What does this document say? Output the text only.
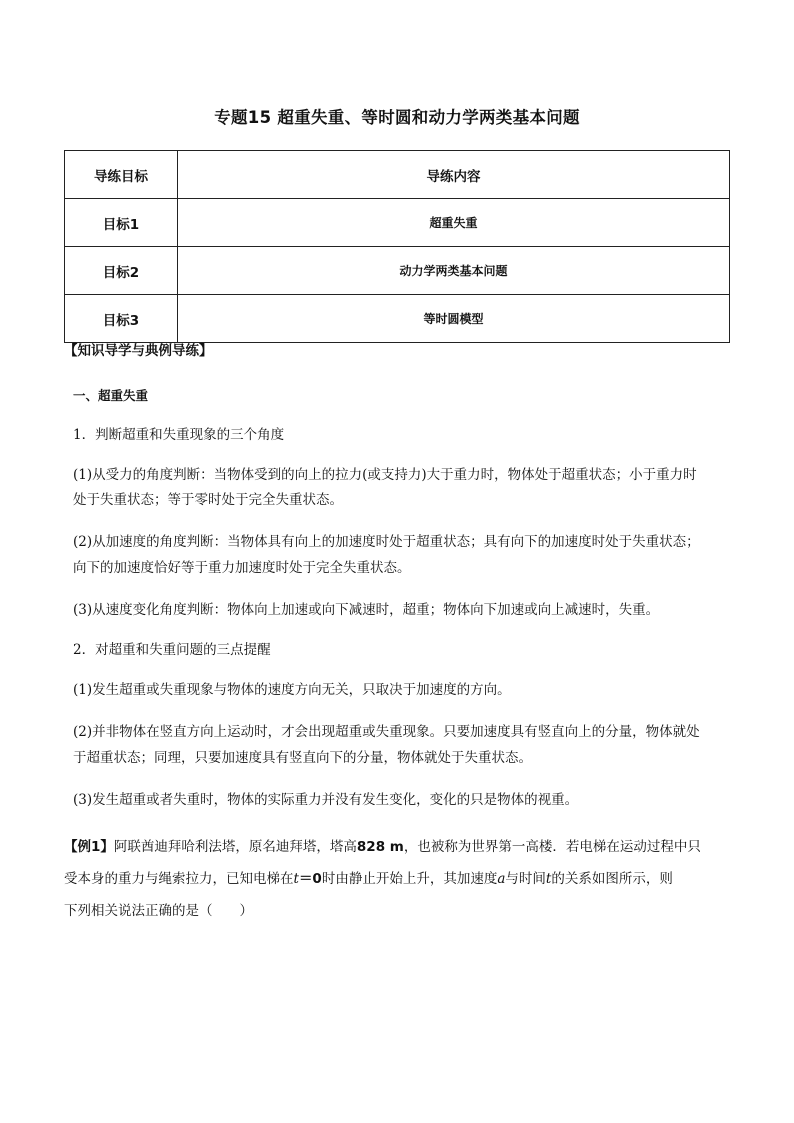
专题15 超重失重、等时圆和动力学两类基本问题
导练目标	导练内容
目标1	超重失重
目标2	动力学两类基本问题
目标3	等时圆模型
【知识导学与典例导练】
一、超重失重
1．判断超重和失重现象的三个角度
(1)从受力的角度判断：当物体受到的向上的拉力(或支持力)大于重力时，物体处于超重状态；小于重力时
处于失重状态；等于零时处于完全失重状态。
(2)从加速度的角度判断：当物体具有向上的加速度时处于超重状态；具有向下的加速度时处于失重状态；
向下的加速度恰好等于重力加速度时处于完全失重状态。
(3)从速度变化角度判断：物体向上加速或向下减速时，超重；物体向下加速或向上减速时，失重。
2．对超重和失重问题的三点提醒
(1)发生超重或失重现象与物体的速度方向无关，只取决于加速度的方向。
(2)并非物体在竖直方向上运动时，才会出现超重或失重现象。只要加速度具有竖直向上的分量，物体就处
于超重状态；同理，只要加速度具有竖直向下的分量，物体就处于失重状态。
(3)发生超重或者失重时，物体的实际重力并没有发生变化，变化的只是物体的视重。
【例1】阿联酋迪拜哈利法塔，原名迪拜塔，塔高828 m，也被称为世界第一高楼．若电梯在运动过程中只
受本身的重力与绳索拉力，已知电梯在t＝0时由静止开始上升，其加速度a与时间t的关系如图所示，则
下列相关说法正确的是（　　）
